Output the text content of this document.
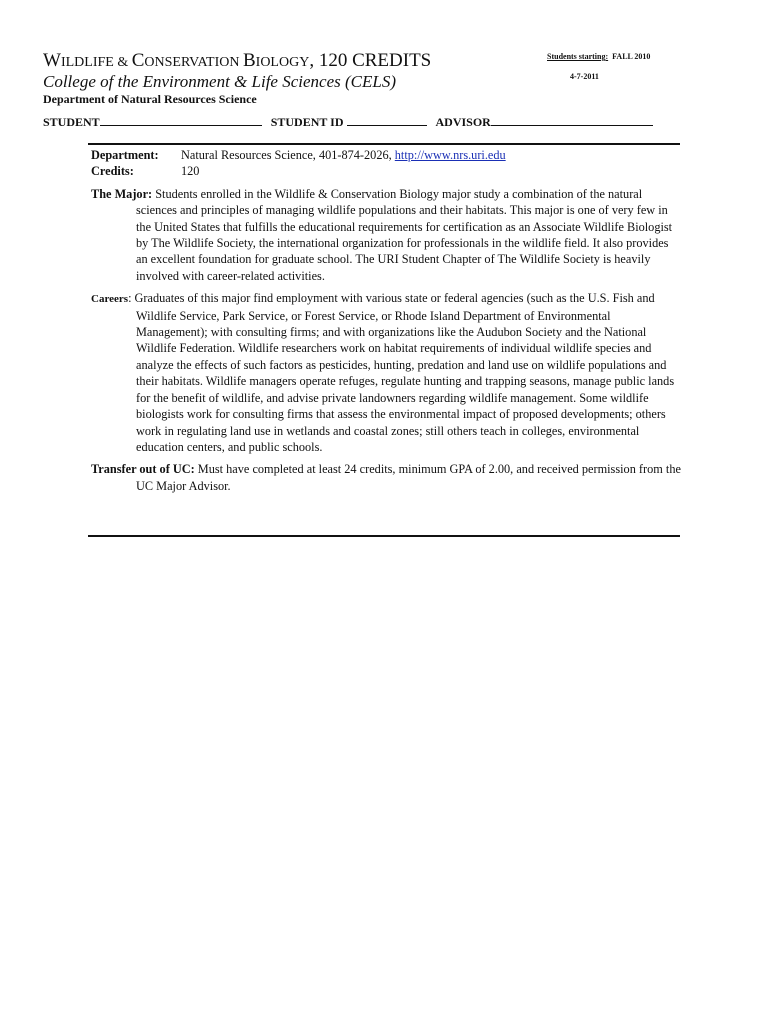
WILDLIFE & CONSERVATION BIOLOGY, 120 CREDITS
College of the Environment & Life Sciences (CELS)
Department of Natural Resources Science
Students starting: FALL 2010
4-7-2011
STUDENT	STUDENT ID	ADVISOR
Department:	Natural Resources Science, 401-874-2026, http://www.nrs.uri.edu
Credits:	120
The Major: Students enrolled in the Wildlife & Conservation Biology major study a combination of the natural sciences and principles of managing wildlife populations and their habitats. This major is one of very few in the United States that fulfills the educational requirements for certification as an Associate Wildlife Biologist by The Wildlife Society, the international organization for professionals in the wildlife field. It also provides an excellent foundation for graduate school. The URI Student Chapter of The Wildlife Society is heavily involved with career-related activities.
Careers: Graduates of this major find employment with various state or federal agencies (such as the U.S. Fish and Wildlife Service, Park Service, or Forest Service, or Rhode Island Department of Environmental Management); with consulting firms; and with organizations like the Audubon Society and the National Wildlife Federation. Wildlife researchers work on habitat requirements of individual wildlife species and analyze the effects of such factors as pesticides, hunting, predation and land use on wildlife populations and their habitats. Wildlife managers operate refuges, regulate hunting and trapping seasons, manage public lands for the benefit of wildlife, and advise private landowners regarding wildlife management. Some wildlife biologists work for consulting firms that assess the environmental impact of proposed developments; others work in regulating land use in wetlands and coastal zones; still others teach in colleges, environmental education centers, and public schools.
Transfer out of UC: Must have completed at least 24 credits, minimum GPA of 2.00, and received permission from the UC Major Advisor.
